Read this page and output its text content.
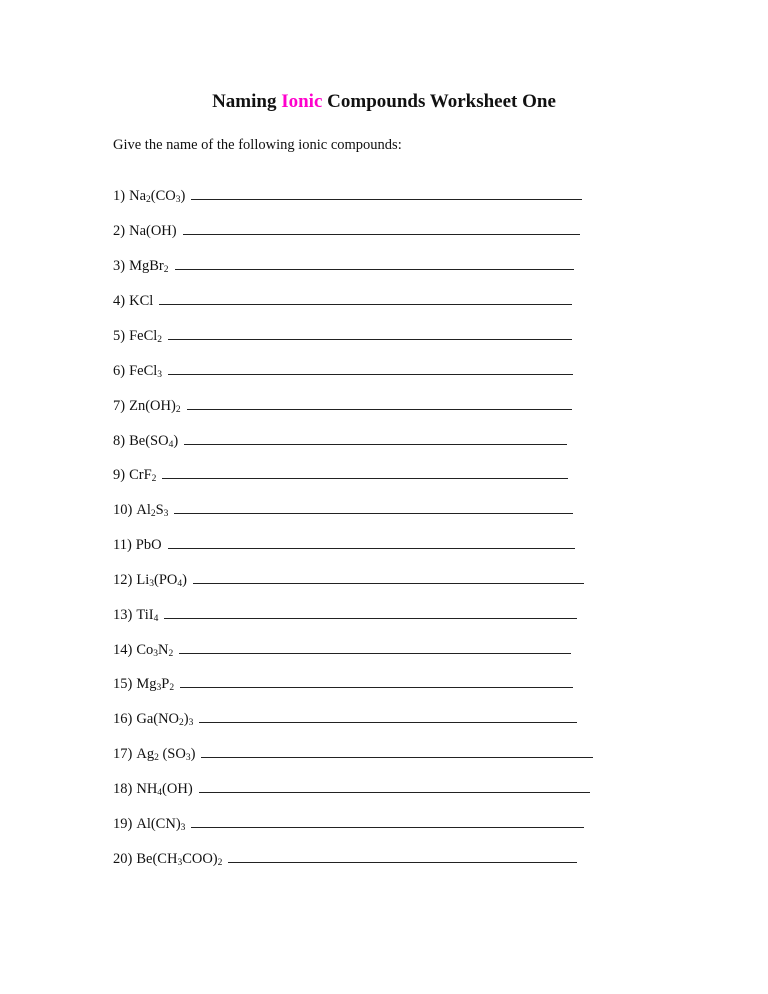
Naming Ionic Compounds Worksheet One
Give the name of the following ionic compounds:
1) $Na_2(CO_3)$
2) Na(OH)
3) MgBr$_2$
4) KCl
5) FeCl$_2$
6) FeCl$_3$
7) $Zn(OH)_2$
8) $Be(SO_4)$
9) CrF$_2$
10) $Al_2S_3$
11) PbO
12) $Li_3(PO_4)$
13) TiI$_4$
14) $Co_3N_2$
15) $Mg_3P_2$
16) $Ga(NO_2)_3$
17) $Ag_2$ $(SO_3)$
18) $NH_4(OH)$
19) $Al(CN)_3$
20) $Be(CH_3COO)_2$
